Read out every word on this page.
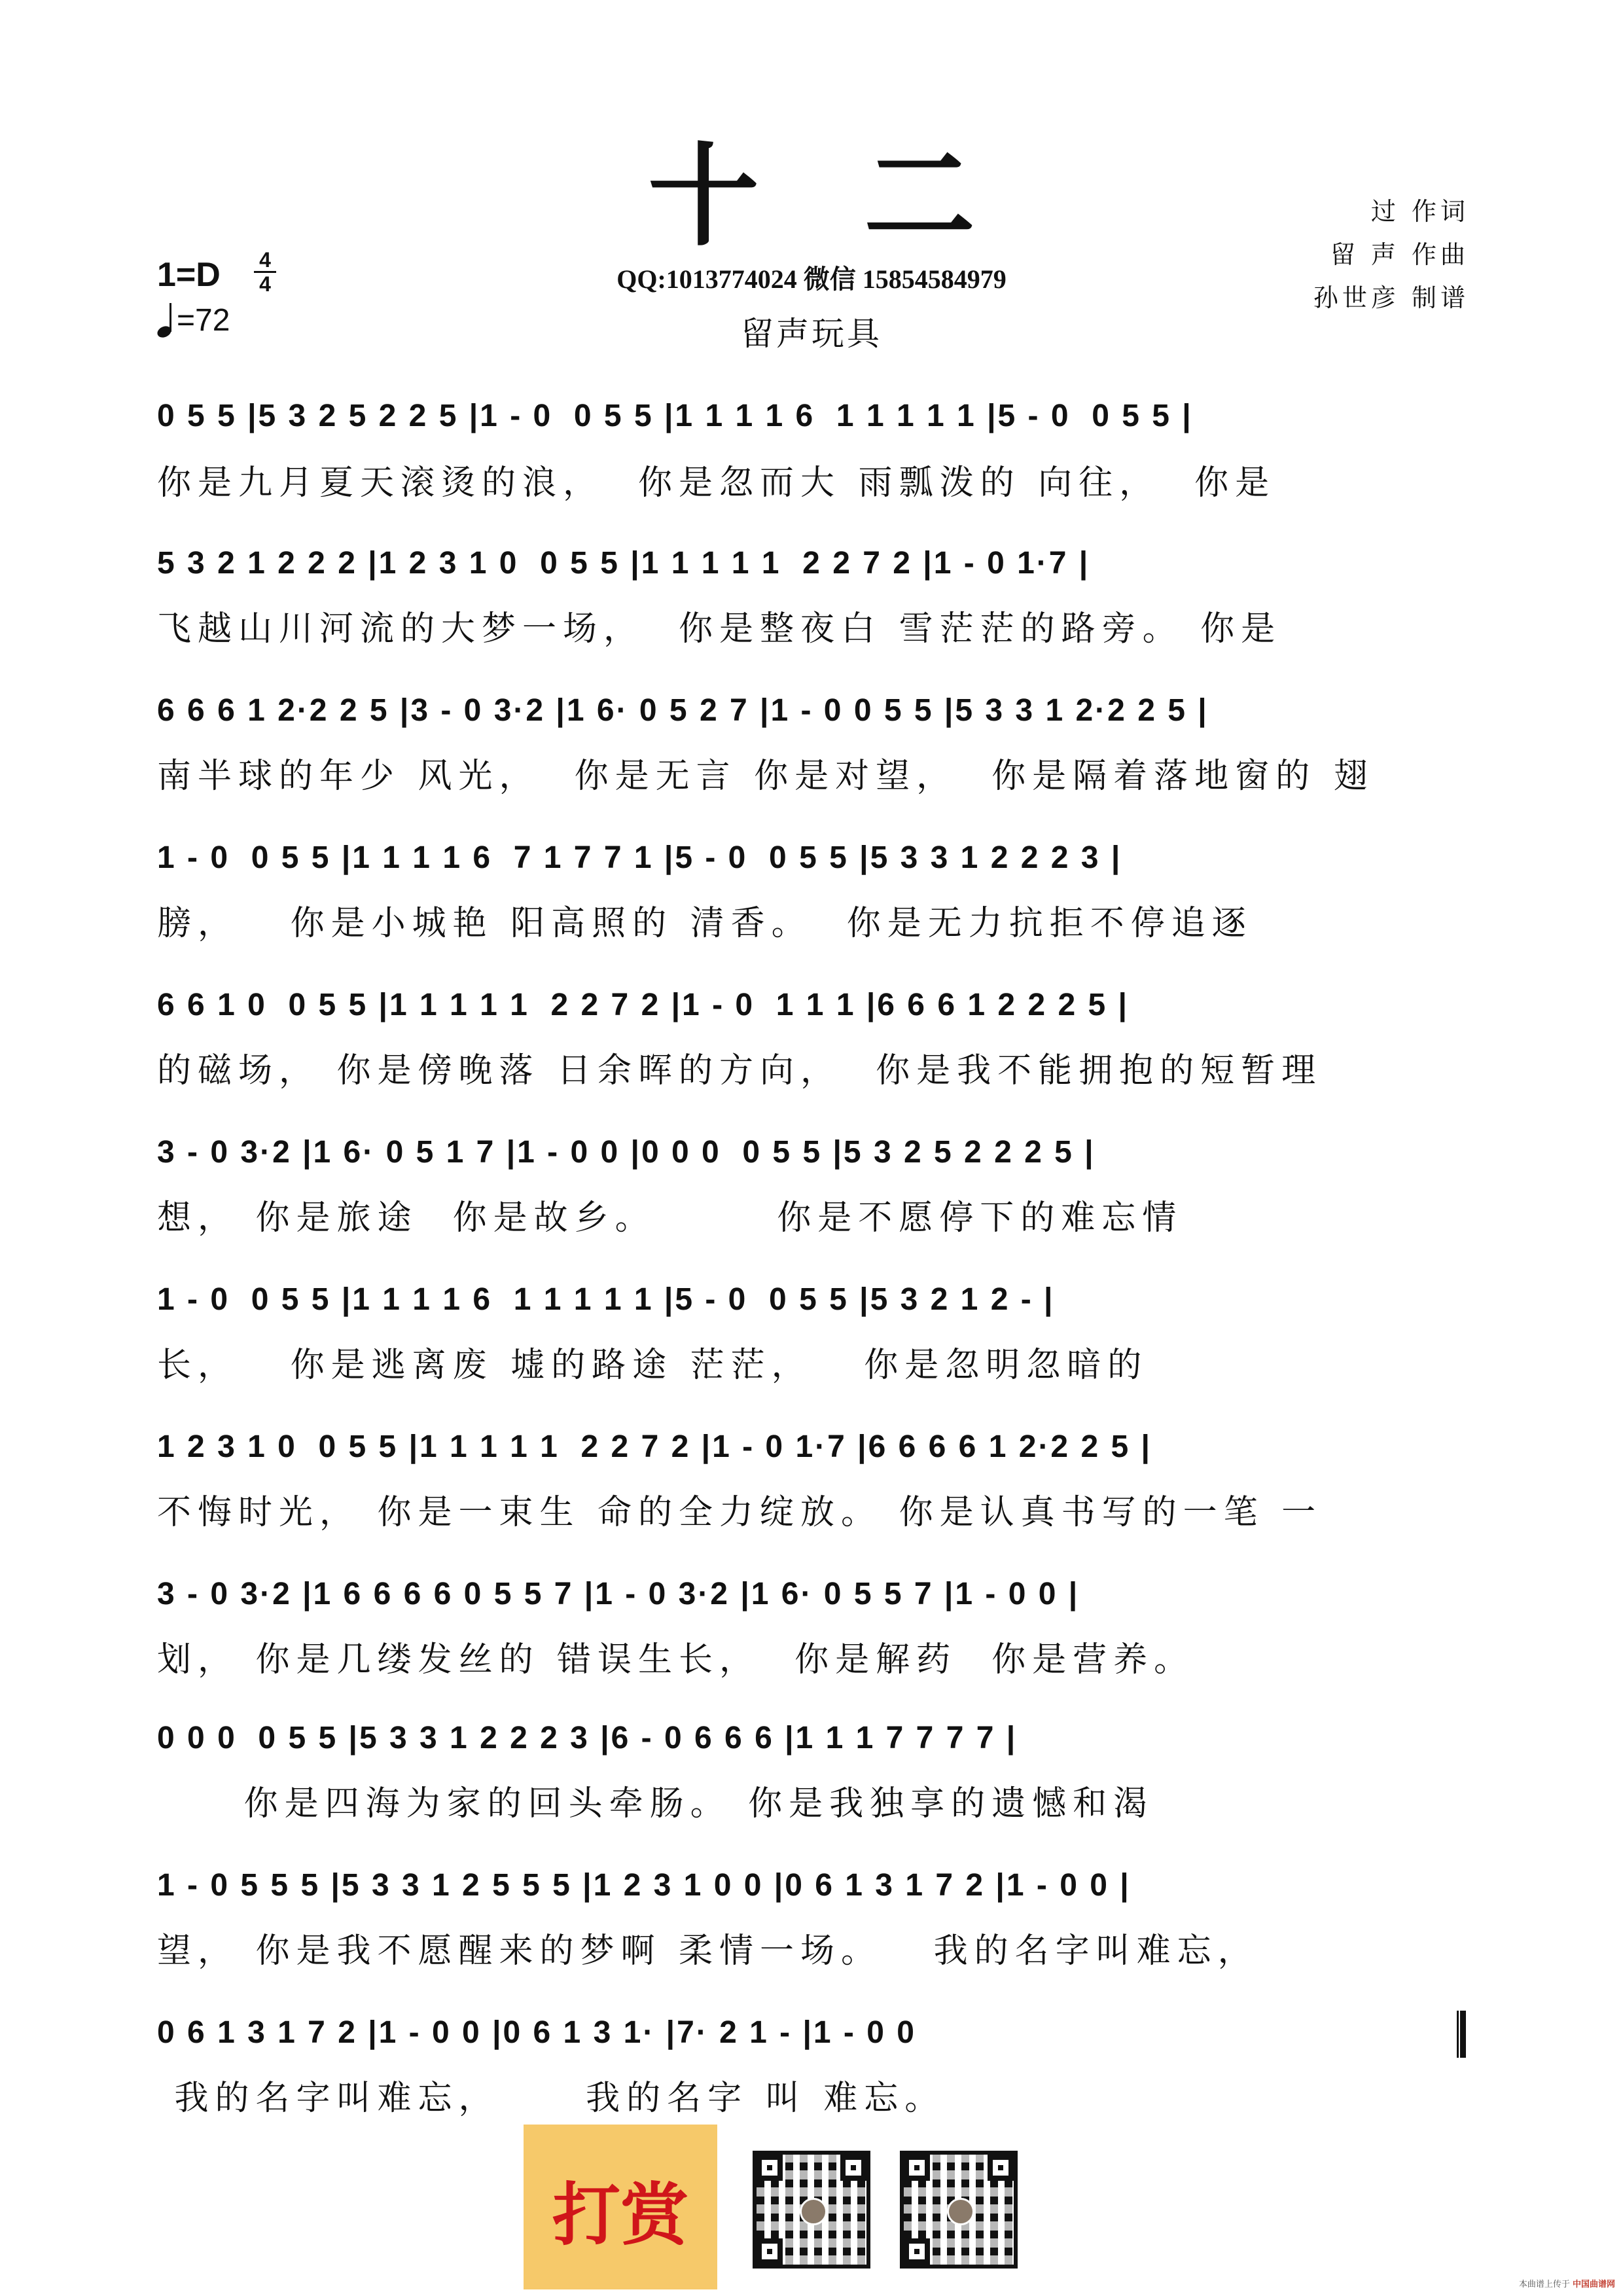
十二
QQ:1013774024 微信 15854584979
留声玩具
过 作词
留 声 作曲
孙世彦 制谱
1=D 4
4
=72
0 5 5 |5 3 2 5 2 2 5 |1 - 0  0 5 5 |1 1 1 1 6  1 1 1 1 1 |5 - 0  0 5 5 |
你是九月夏天滚烫的浪，  你是忽而大 雨瓢泼的 向往，  你是
5 3 2 1 2 2 2 |1 2 3 1 0  0 5 5 |1 1 1 1 1  2 2 7 2 |1 - 0 1·7 |
飞越山川河流的大梦一场，  你是整夜白 雪茫茫的路旁。 你是
6 6 6 1 2·2 2 5 |3 - 0 3·2 |1 6· 0 5 2 7 |1 - 0 0 5 5 |5 3 3 1 2·2 2 5 |
南半球的年少 风光，  你是无言 你是对望，  你是隔着落地窗的 翅
1 - 0  0 5 5 |1 1 1 1 6  7 1 7 7 1 |5 - 0  0 5 5 |5 3 3 1 2 2 2 3 |
膀，   你是小城艳 阳高照的 清香。  你是无力抗拒不停追逐
6 6 1 0  0 5 5 |1 1 1 1 1  2 2 7 2 |1 - 0  1 1 1 |6 6 6 1 2 2 2 5 |
的磁场， 你是傍晚落 日余晖的方向，  你是我不能拥抱的短暂理
3 - 0 3·2 |1 6· 0 5 1 7 |1 - 0 0 |0 0 0  0 5 5 |5 3 2 5 2 2 2 5 |
想， 你是旅途  你是故乡。       你是不愿停下的难忘情
1 - 0  0 5 5 |1 1 1 1 6  1 1 1 1 1 |5 - 0  0 5 5 |5 3 2 1 2 - |
长，   你是逃离废 墟的路途 茫茫，   你是忽明忽暗的
1 2 3 1 0  0 5 5 |1 1 1 1 1  2 2 7 2 |1 - 0 1·7 |6 6 6 6 1 2·2 2 5 |
不悔时光， 你是一束生 命的全力绽放。 你是认真书写的一笔 一
3 - 0 3·2 |1 6 6 6 6 0 5 5 7 |1 - 0 3·2 |1 6· 0 5 5 7 |1 - 0 0 |
划， 你是几缕发丝的 错误生长，  你是解药  你是营养。
0 0 0  0 5 5 |5 3 3 1 2 2 2 3 |6 - 0 6 6 6 |1 1 1 7 7 7 7 |
你是四海为家的回头牵肠。 你是我独享的遗憾和渴
1 - 0 5 5 5 |5 3 3 1 2 5 5 5 |1 2 3 1 0 0 |0 6 1 3 1 7 2 |1 - 0 0 |
望， 你是我不愿醒来的梦啊 柔情一场。   我的名字叫难忘，
0 6 1 3 1 7 2 |1 - 0 0 |0 6 1 3 1· |7· 2 1 - |1 - 0 0
我的名字叫难忘，     我的名字 叫 难忘。
打赏
本曲谱上传于 中国曲谱网
